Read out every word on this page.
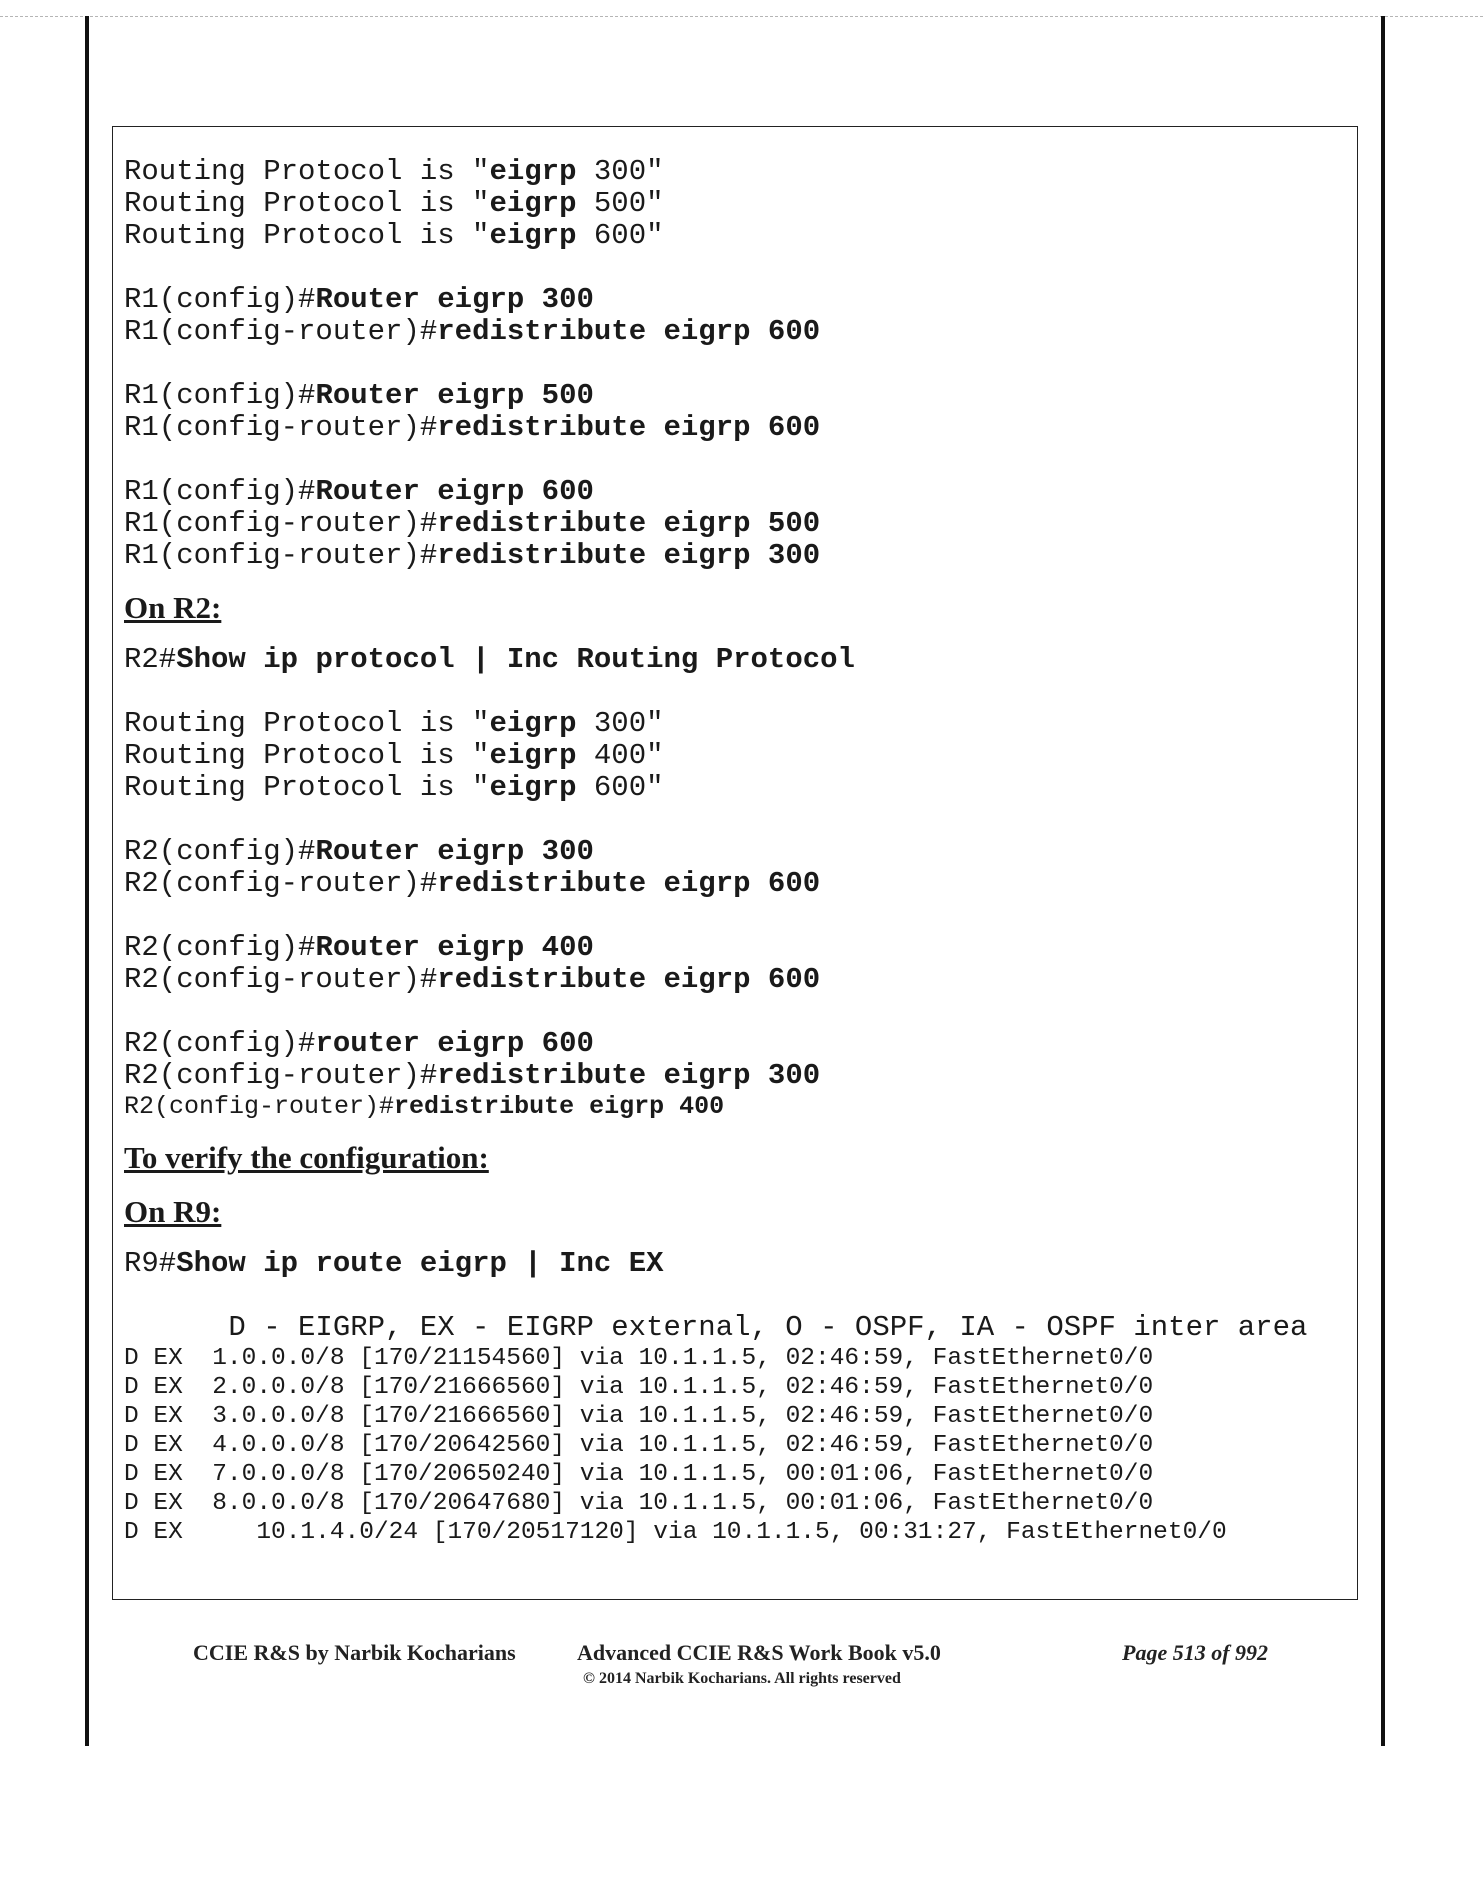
Routing Protocol is "eigrp 300"
Routing Protocol is "eigrp 500"
Routing Protocol is "eigrp 600"
R1(config)#Router eigrp 300
R1(config-router)#redistribute eigrp 600
R1(config)#Router eigrp 500
R1(config-router)#redistribute eigrp 600
R1(config)#Router eigrp 600
R1(config-router)#redistribute eigrp 500
R1(config-router)#redistribute eigrp 300
On R2:
R2#Show ip protocol | Inc Routing Protocol
Routing Protocol is "eigrp 300"
Routing Protocol is "eigrp 400"
Routing Protocol is "eigrp 600"
R2(config)#Router eigrp 300
R2(config-router)#redistribute eigrp 600
R2(config)#Router eigrp 400
R2(config-router)#redistribute eigrp 600
R2(config)#router eigrp 600
R2(config-router)#redistribute eigrp 300
R2(config-router)#redistribute eigrp 400
To verify the configuration:
On R9:
R9#Show ip route eigrp | Inc EX
D - EIGRP, EX - EIGRP external, O - OSPF, IA - OSPF inter area
D EX  1.0.0.0/8 [170/21154560] via 10.1.1.5, 02:46:59, FastEthernet0/0
D EX  2.0.0.0/8 [170/21666560] via 10.1.1.5, 02:46:59, FastEthernet0/0
D EX  3.0.0.0/8 [170/21666560] via 10.1.1.5, 02:46:59, FastEthernet0/0
D EX  4.0.0.0/8 [170/20642560] via 10.1.1.5, 02:46:59, FastEthernet0/0
D EX  7.0.0.0/8 [170/20650240] via 10.1.1.5, 00:01:06, FastEthernet0/0
D EX  8.0.0.0/8 [170/20647680] via 10.1.1.5, 00:01:06, FastEthernet0/0
D EX     10.1.4.0/24 [170/20517120] via 10.1.1.5, 00:31:27, FastEthernet0/0
CCIE R&S by Narbik Kocharians	Advanced CCIE R&S Work Book v5.0
© 2014 Narbik Kocharians. All rights reserved
Page 513 of 992
